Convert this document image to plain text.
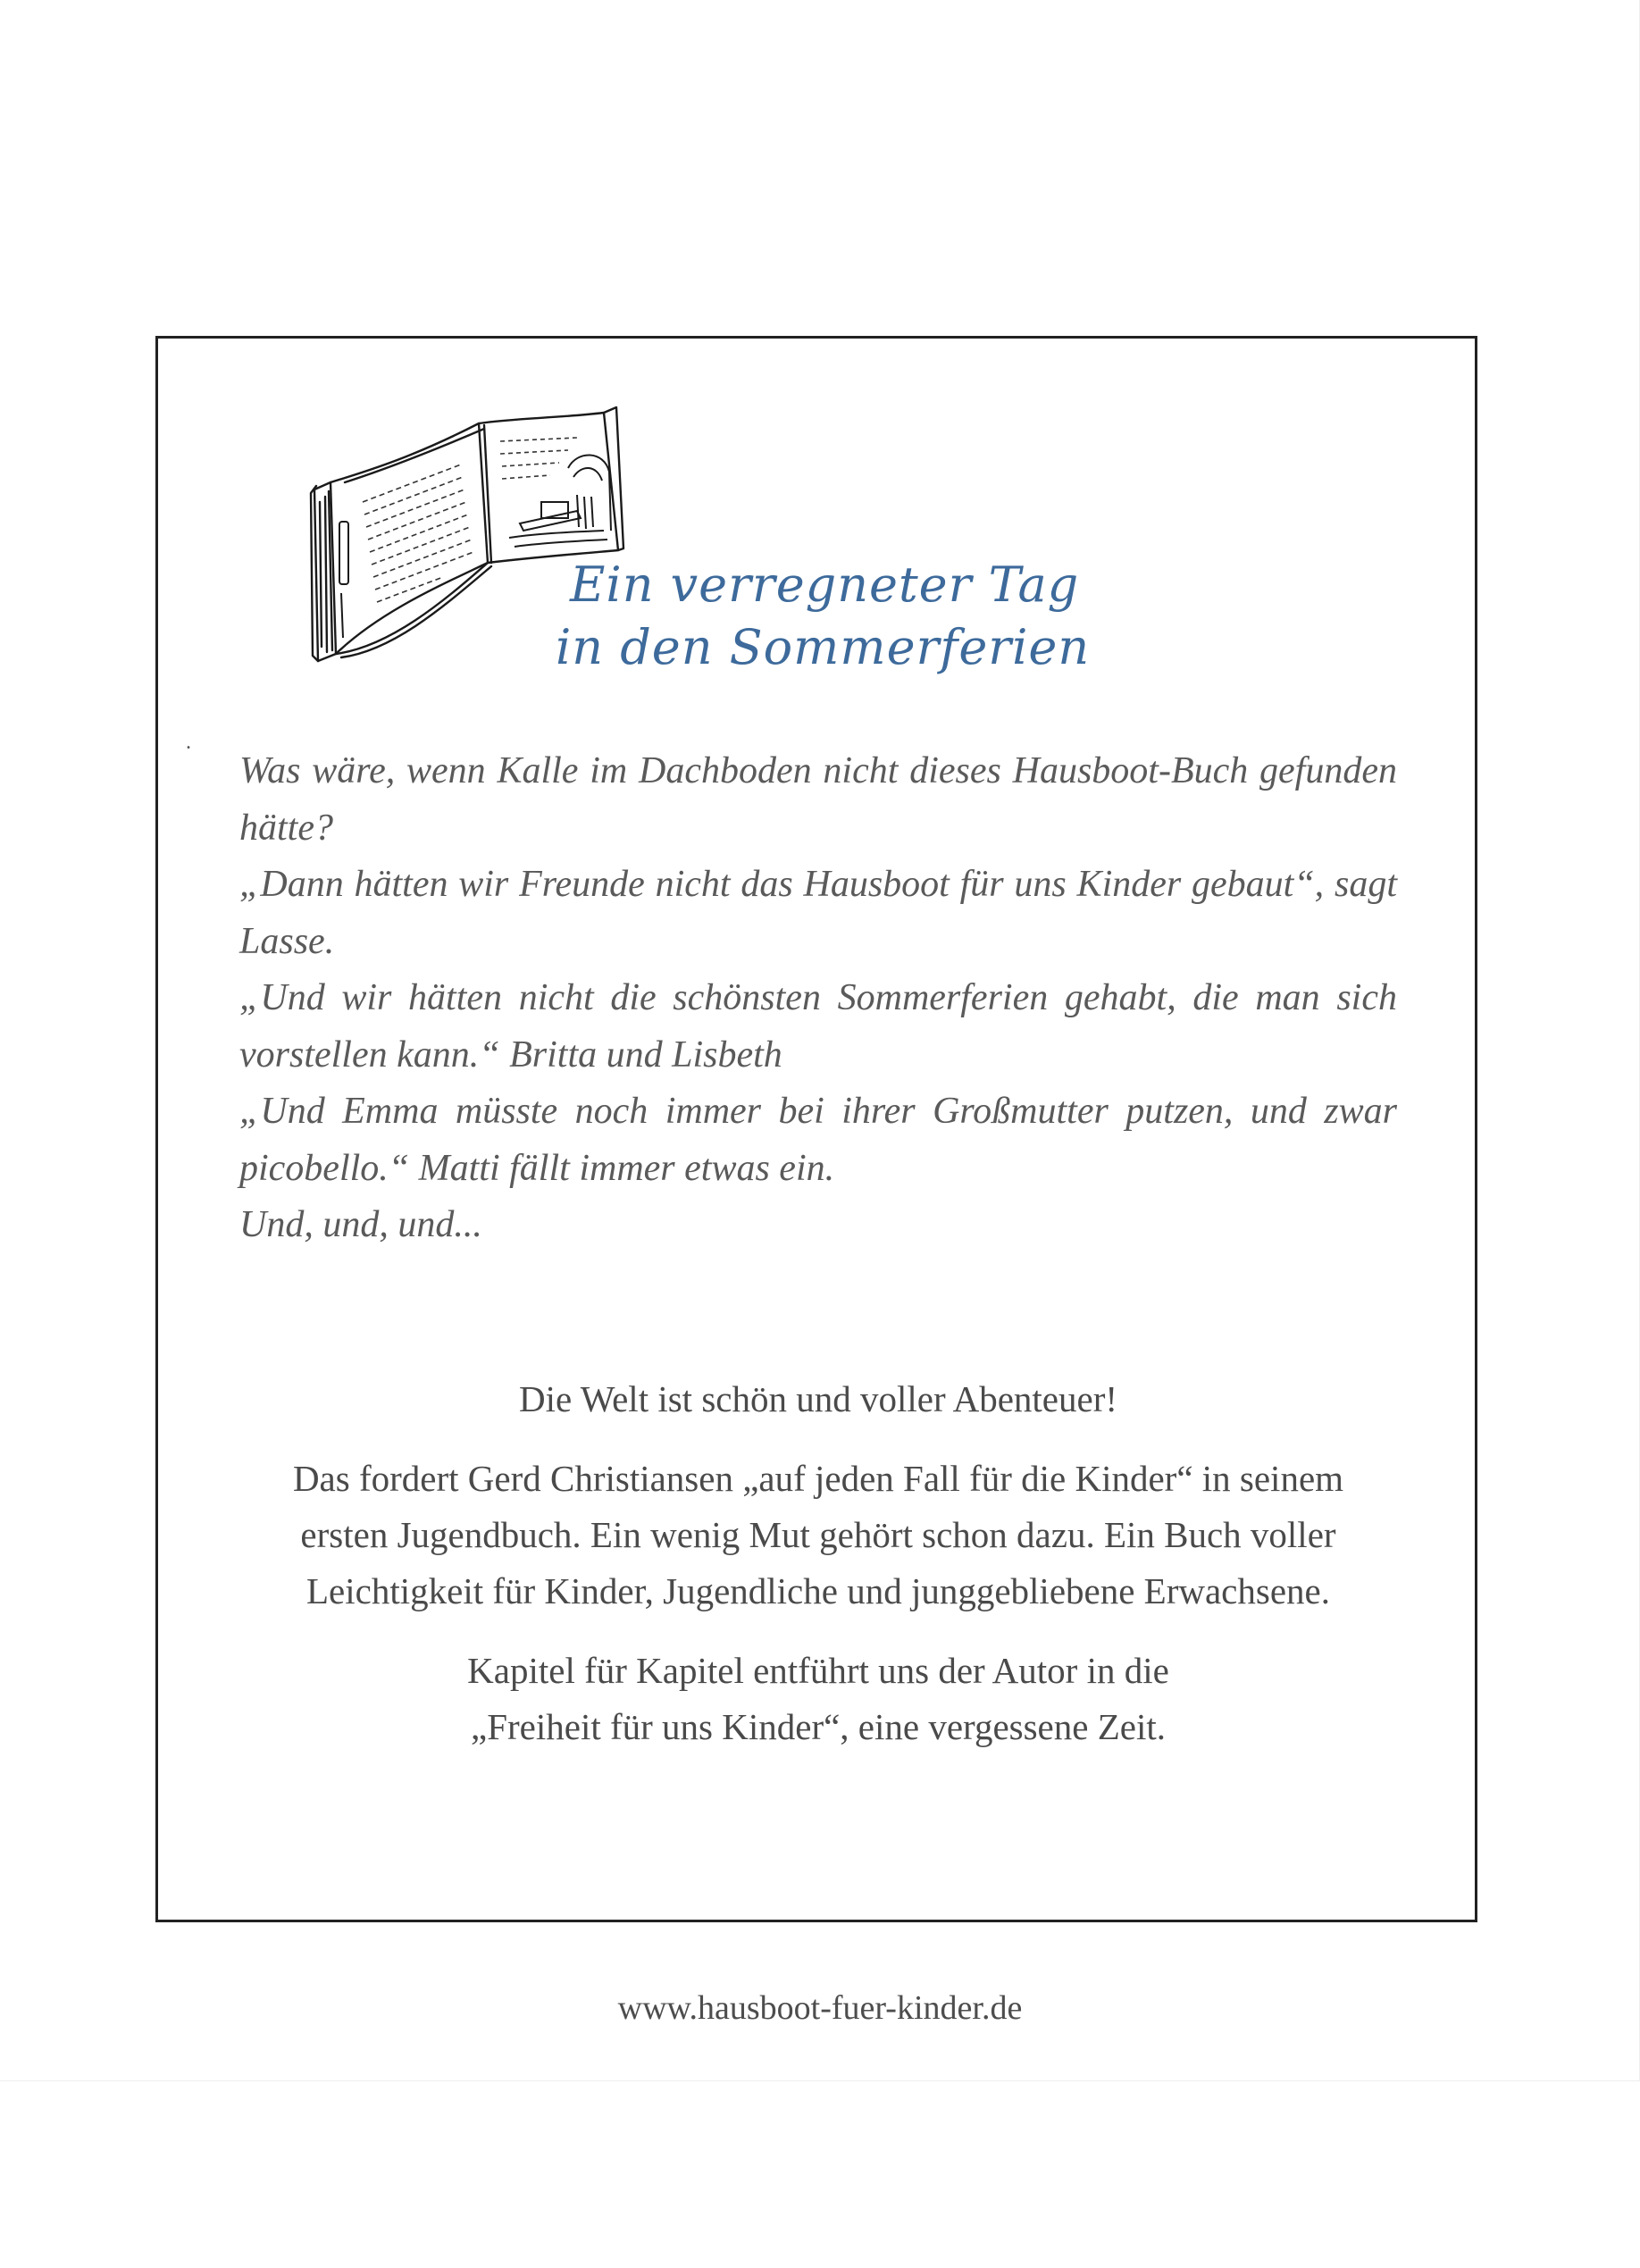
Ein verregneter Tag
in den Sommerferien
.

Was wäre, wenn Kalle im Dachboden nicht dieses Hausboot-Buch gefunden hätte?

„Dann hätten wir Freunde nicht das Hausboot für uns Kinder gebaut“, sagt Lasse.

„Und wir hätten nicht die schönsten Sommerferien gehabt, die man sich vorstellen kann.“ Britta und Lisbeth

„Und Emma müsste noch immer bei ihrer Großmutter putzen, und zwar picobello.“ Matti fällt immer etwas ein.

Und, und, und...

Die Welt ist schön und voller Abenteuer!

Das fordert Gerd Christiansen „auf jeden Fall für die Kinder“ in seinem
ersten Jugendbuch. Ein wenig Mut gehört schon dazu. Ein Buch voller
Leichtigkeit für Kinder, Jugendliche und junggebliebene Erwachsene.

Kapitel für Kapitel entführt uns der Autor in die
„Freiheit für uns Kinder“, eine vergessene Zeit.

www.hausboot-fuer-kinder.de
